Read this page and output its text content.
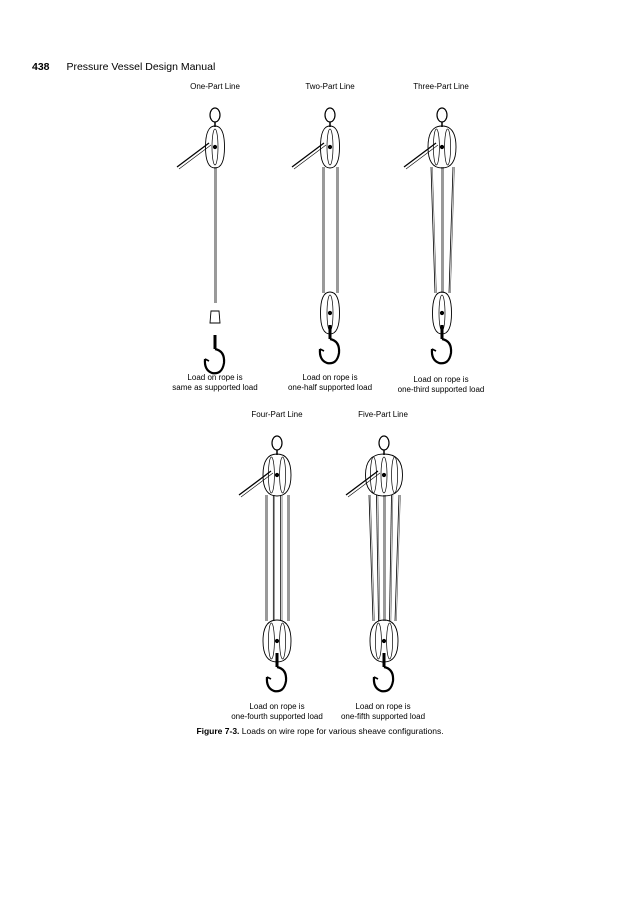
438 Pressure Vessel Design Manual
One-Part Line
Load on rope is
same as supported load
Two-Part Line
Load on rope is
one-half supported load
Three-Part Line
Load on rope is
one-third supported load
Four-Part Line
Load on rope is
one-fourth supported load
Five-Part Line
Load on rope is
one-fifth supported load
Figure 7-3. Loads on wire rope for various sheave configurations.
